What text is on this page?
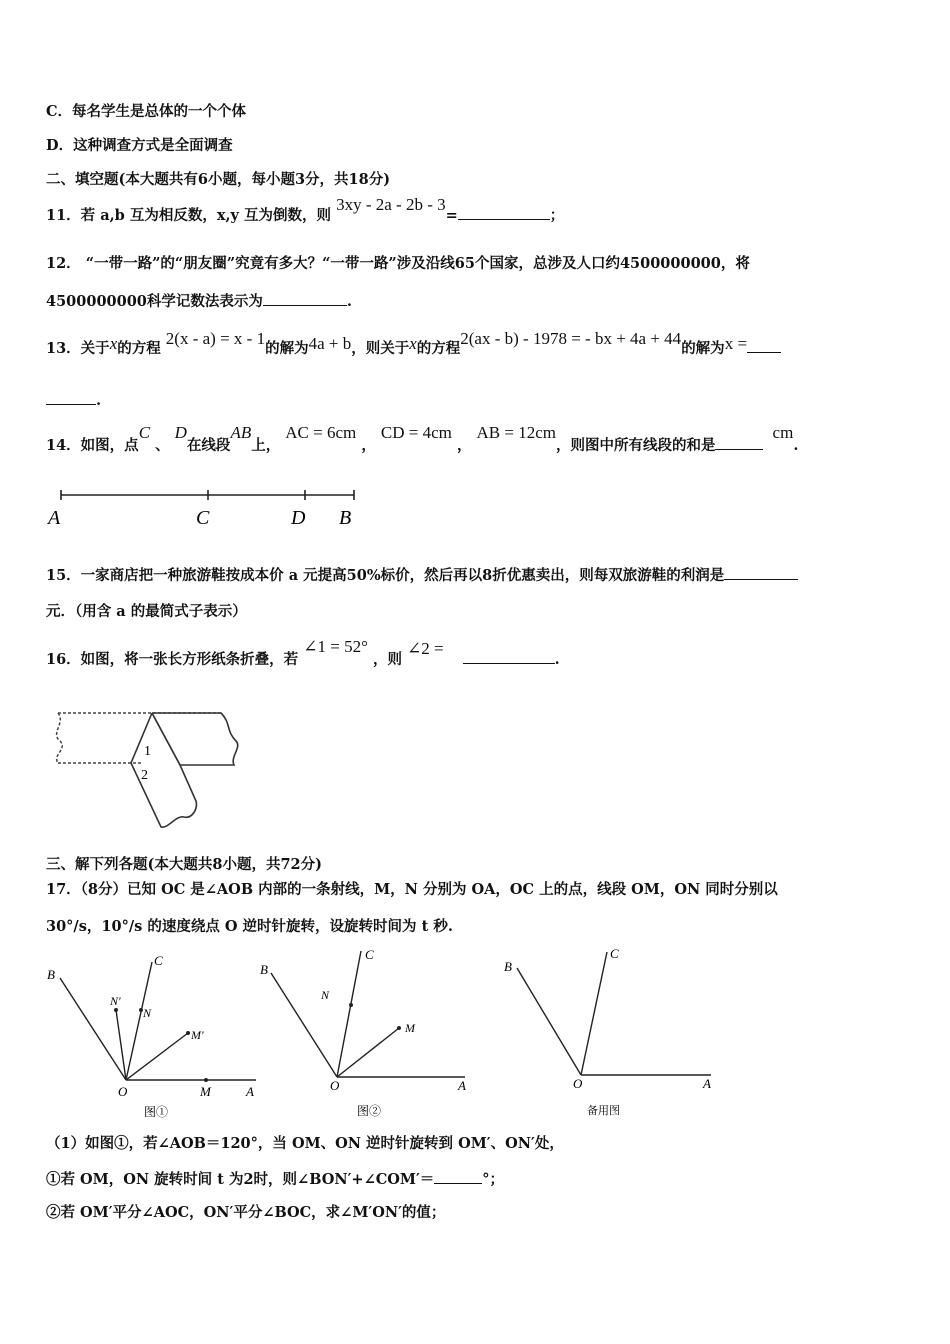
C．每名学生是总体的一个个体
D．这种调查方式是全面调查
二、填空题(本大题共有6小题，每小题3分，共18分)
11．若 a,b 互为相反数，x,y 互为倒数，则 3xy - 2a - 2b - 3=	；
12． “一带一路”的“朋友圈”究竟有多大？“一带一路”涉及沿线65个国家，总涉及人口约4500000000，将
4500000000科学记数法表示为	.
13．关于x的方程 2(x - a) = x - 1的解为4a + b，则关于x的方程2(ax - b) - 1978 = - bx + 4a + 44的解为x =
.
14．如图，点C 、 D在线段AB上， AC = 6cm ， CD = 4cm ， AB = 12cm，则图中所有线段的和是 cm.
A	C	D B
15．一家商店把一种旅游鞋按成本价 a 元提高50%标价，然后再以8折优惠卖出，则每双旅游鞋的利润是
元．（用含 a 的最简式子表示）
16．如图，将一张长方形纸条折叠，若 ∠1 = 52° ，则 ∠2 = .
1
2
三、解下列各题(本大题共8小题，共72分)
17．（8分）已知 OC 是∠AOB 内部的一条射线，M，N 分别为 OA，OC 上的点，线段 OM，ON 同时分别以
30°/s，10°/s 的速度绕点 O 逆时针旋转，设旋转时间为 t 秒.
B
C
N'
N
M'
O	M	A
图①
B
C
N
M
O	A
图②
B
C
O	A
备用图
（1）如图①，若∠AOB＝120°，当 OM、ON 逆时针旋转到 OM′、ON′处，
①若 OM，ON 旋转时间 t 为2时，则∠BON′+∠COM′＝	°；
②若 OM′平分∠AOC，ON′平分∠BOC，求∠M′ON′的值；
